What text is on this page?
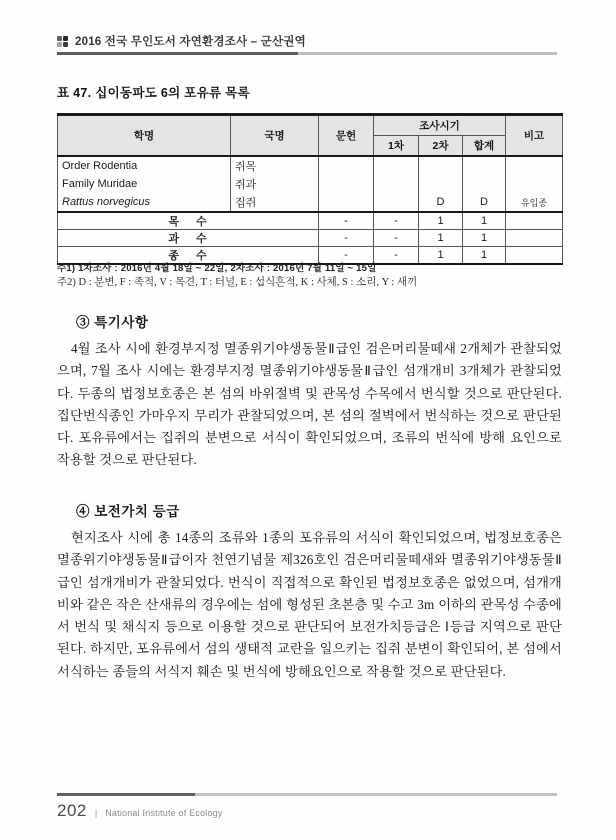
2016 전국 무인도서 자연환경조사 – 군산권역
표 47. 십이동파도 6의 포유류 목록
학명	국명	문헌	조사시기			비고
			1차	2차	합계	
Order Rodentia	쥐목					
Family Muridae	쥐과					
Rattus norvegicus	집쥐			D	D	유입종
목 수		-	-	1	1	
과 수		-	-	1	1	
종 수		-	-	1	1	
주1) 1차조사 : 2016년 4월 18일 ~ 22일, 2차조사 : 2016년 7월 11일 ~ 15일
주2) D : 분변, F : 족적, V : 목견, T : 터널, E : 섭식흔적, K : 사체, S : 소리, Y : 새끼
③ 특기사항
4월 조사 시에 환경부지정 멸종위기야생동물Ⅱ급인 검은머리물떼새 2개체가 관찰되었으며, 7월 조사 시에는 환경부지정 멸종위기야생동물Ⅱ급인 섬개개비 3개체가 관찰되었다. 두종의 법정보호종은 본 섬의 바위절벽 및 관목성 수목에서 번식할 것으로 판단된다. 집단번식종인 가마우지 무리가 관찰되었으며, 본 섬의 절벽에서 번식하는 것으로 판단된다. 포유류에서는 집쥐의 분변으로 서식이 확인되었으며, 조류의 번식에 방해 요인으로 작용할 것으로 판단된다.
④ 보전가치 등급
현지조사 시에 총 14종의 조류와 1종의 포유류의 서식이 확인되었으며, 법정보호종은 멸종위기야생동물Ⅱ급이자 천연기념물 제326호인 검은머리물떼새와 멸종위기야생동물Ⅱ급인 섬개개비가 관찰되었다. 번식이 직접적으로 확인된 법정보호종은 없었으며, 섬개개비와 같은 작은 산새류의 경우에는 섬에 형성된 초본층 및 수고 3m 이하의 관목성 수종에서 번식 및 채식지 등으로 이용할 것으로 판단되어 보전가치등급은 Ⅰ등급 지역으로 판단된다. 하지만, 포유류에서 섬의 생태적 교란을 일으키는 집쥐 분변이 확인되어, 본 섬에서 서식하는 종들의 서식지 훼손 및 번식에 방해요인으로 작용할 것으로 판단된다.
202 | National Institute of Ecology
